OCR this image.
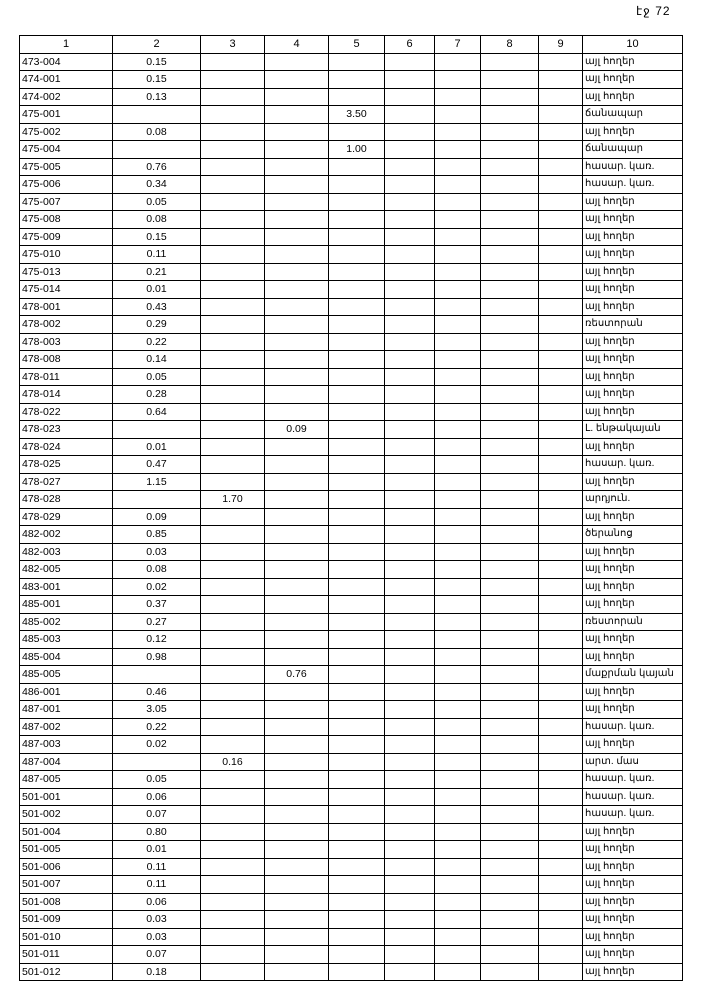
էջ 72
1	2	3	4	5	6	7	8	9	10
473-004	0.15								այլ հողեր
474-001	0.15								այլ հողեր
474-002	0.13								այլ հողեր
475-001				3.50					ճանապար
475-002	0.08								այլ հողեր
475-004				1.00					ճանապար
475-005	0.76								հասար. կառ.
475-006	0.34								հասար. կառ.
475-007	0.05								այլ հողեր
475-008	0.08								այլ հողեր
475-009	0.15								այլ հողեր
475-010	0.11								այլ հողեր
475-013	0.21								այլ հողեր
475-014	0.01								այլ հողեր
478-001	0.43								այլ հողեր
478-002	0.29								ռեստորան
478-003	0.22								այլ հողեր
478-008	0.14								այլ հողեր
478-011	0.05								այլ հողեր
478-014	0.28								այլ հողեր
478-022	0.64								այլ հողեր
478-023			0.09						Լ. ենթակայան
478-024	0.01								այլ հողեր
478-025	0.47								հասար. կառ.
478-027	1.15								այլ հողեր
478-028		1.70							արդյուն.
478-029	0.09								այլ հողեր
482-002	0.85								ծերանոց
482-003	0.03								այլ հողեր
482-005	0.08								այլ հողեր
483-001	0.02								այլ հողեր
485-001	0.37								այլ հողեր
485-002	0.27								ռեստորան
485-003	0.12								այլ հողեր
485-004	0.98								այլ հողեր
485-005			0.76						մաքրման կայան
486-001	0.46								այլ հողեր
487-001	3.05								այլ հողեր
487-002	0.22								հասար. կառ.
487-003	0.02								այլ հողեր
487-004		0.16							արտ. մաս
487-005	0.05								հասար. կառ.
501-001	0.06								հասար. կառ.
501-002	0.07								հասար. կառ.
501-004	0.80								այլ հողեր
501-005	0.01								այլ հողեր
501-006	0.11								այլ հողեր
501-007	0.11								այլ հողեր
501-008	0.06								այլ հողեր
501-009	0.03								այլ հողեր
501-010	0.03								այլ հողեր
501-011	0.07								այլ հողեր
501-012	0.18								այլ հողեր
